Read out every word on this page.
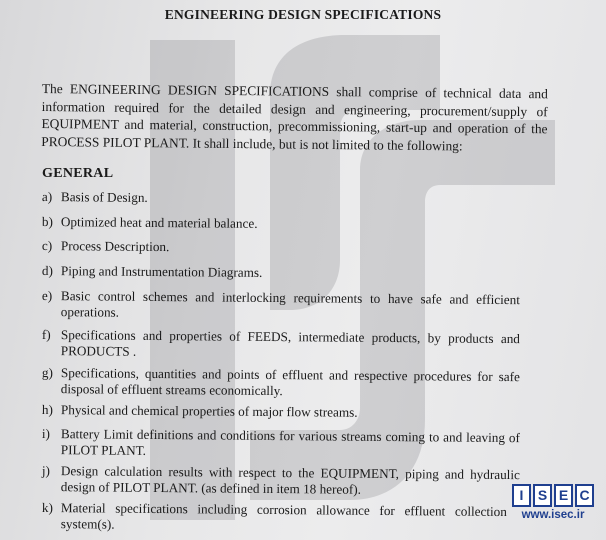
ENGINEERING DESIGN SPECIFICATIONS
The ENGINEERING DESIGN SPECIFICATIONS shall comprise of technical data and information required for the detailed design and engineering, procurement/supply of EQUIPMENT and material, construction, precommissioning, start-up and operation of the PROCESS PILOT PLANT. It shall include, but is not limited to the following:
GENERAL
a) Basis of Design.
b) Optimized heat and material balance.
c) Process Description.
d) Piping and Instrumentation Diagrams.
e) Basic control schemes and interlocking requirements to have safe and efficient operations.
f) Specifications and properties of FEEDS, intermediate products, by products and PRODUCTS .
g) Specifications, quantities and points of effluent and respective procedures for safe disposal of effluent streams economically.
h) Physical and chemical properties of major flow streams.
i) Battery Limit definitions and conditions for various streams coming to and leaving of PILOT PLANT.
j) Design calculation results with respect to the EQUIPMENT, piping and hydraulic design of PILOT PLANT. (as defined in item 18 hereof).
k) Material specifications including corrosion allowance for effluent collection system(s).
I	S E C
www.isec.ir
